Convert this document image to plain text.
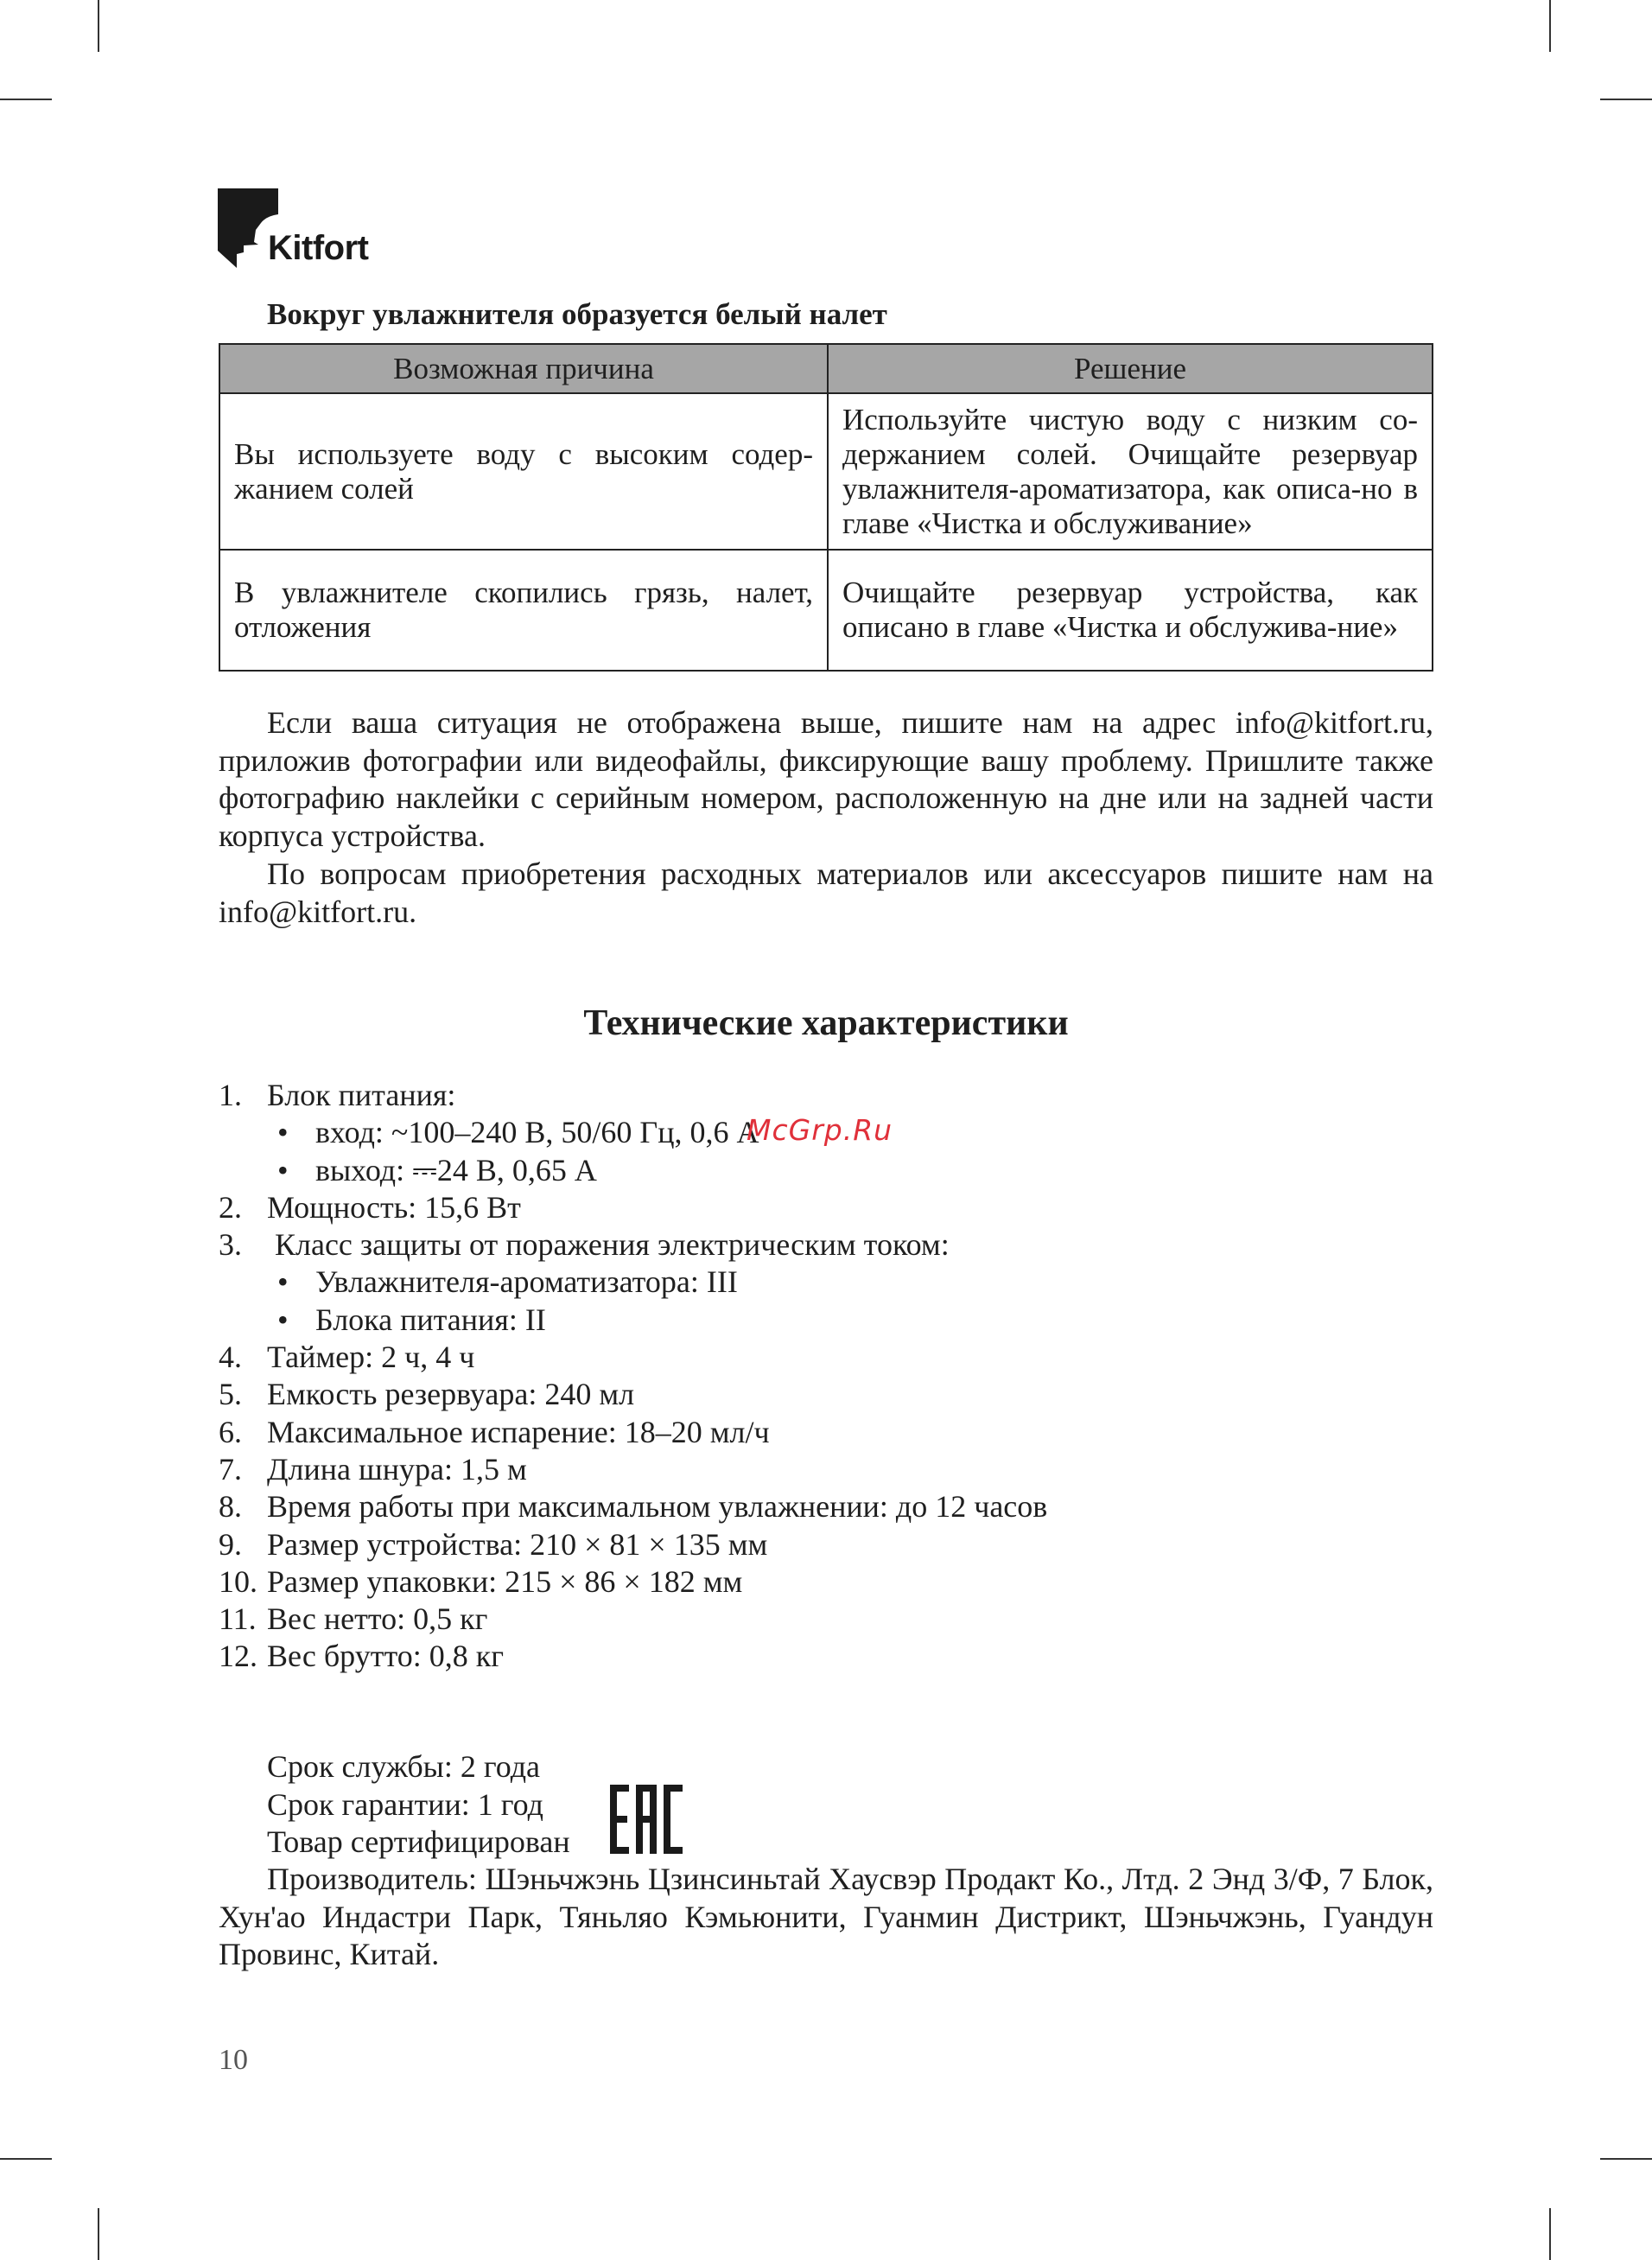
Kitfort
Вокруг увлажнителя образуется белый налет
Возможная причина	Решение
Вы используете воду с высоким содер-жанием солей	Используйте чистую воду с низким со-держанием солей. Очищайте резервуар увлажнителя-ароматизатора, как описа-но в главе «Чистка и обслуживание»
В увлажнителе скопились грязь, налет, отложения	Очищайте резервуар устройства, как описано в главе «Чистка и обслужива-ние»

Если ваша ситуация не отображена выше, пишите нам на адрес info@kitfort.ru, приложив фотографии или видеофайлы, фиксирующие вашу проблему. Пришлите также фотографию наклейки с серийным номером, расположенную на дне или на задней части корпуса устройства.

По вопросам приобретения расходных материалов или аксессуаров пишите нам на info@kitfort.ru.

Технические характеристики
1. Блок питания:
• вход: ~100–240 В, 50/60 Гц, 0,6 А
• выход: ⎓24 В, 0,65 А
2. Мощность: 15,6 Вт
3. Класс защиты от поражения электрическим током:
• Увлажнителя-ароматизатора: III
• Блока питания: II
4. Таймер: 2 ч, 4 ч
5. Емкость резервуара: 240 мл
6. Максимальное испарение: 18–20 мл/ч
7. Длина шнура: 1,5 м
8. Время работы при максимальном увлажнении: до 12 часов
9. Размер устройства: 210 × 81 × 135 мм
10. Размер упаковки: 215 × 86 × 182 мм
11. Вес нетто: 0,5 кг
12. Вес брутто: 0,8 кг
McGrp.Ru
Срок службы: 2 года
Срок гарантии: 1 год
Товар сертифицирован

Производитель: Шэньчжэнь Цзинсиньтай Хаусвэр Продакт Ко., Лтд. 2 Энд 3/Ф, 7 Блок, Хун'ао Индастри Парк, Тяньляо Кэмьюнити, Гуанмин Дистрикт, Шэньчжэнь, Гуандун Провинс, Китай.

10
